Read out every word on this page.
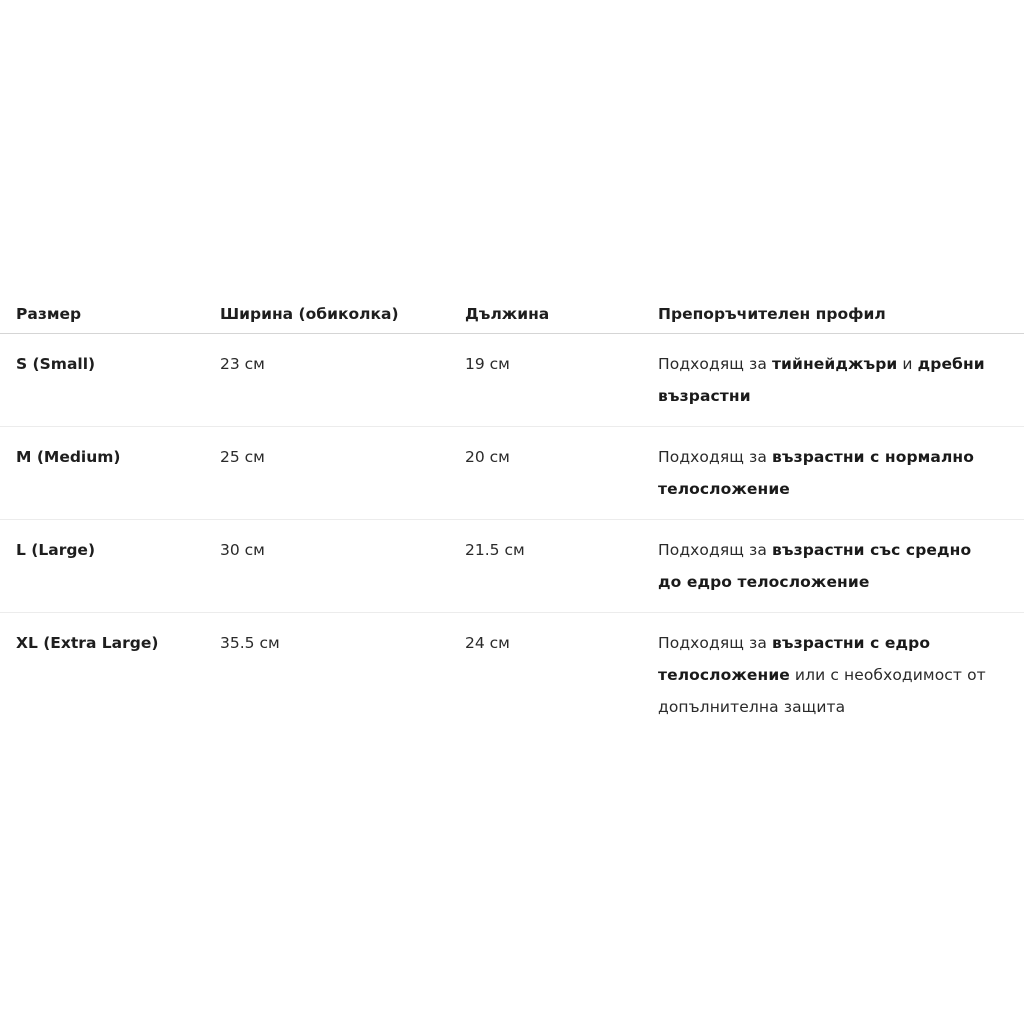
Размер	Ширина (обиколка)	Дължина	Препоръчителен профил
S (Small)	23 см	19 см	Подходящ за тийнейджъри и дребни възрастни
M (Medium)	25 см	20 см	Подходящ за възрастни с нормално телосложение
L (Large)	30 см	21.5 см	Подходящ за възрастни със средно до едро телосложение
XL (Extra Large)	35.5 см	24 см	Подходящ за възрастни с едро телосложение или с необходимост от допълнителна защита
